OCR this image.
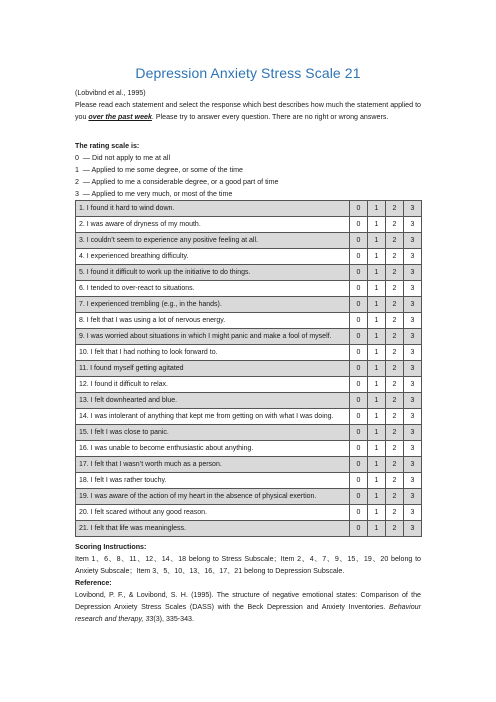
Depression Anxiety Stress Scale 21
(Lobvibnd et al., 1995)
Please read each statement and select the response which best describes how much the statement applied to you over the past week. Please try to answer every question. There are no right or wrong answers.
The rating scale is:
0  — Did not apply to me at all
1  — Applied to me some degree, or some of the time
2  — Applied to me a considerable degree, or a good part of time
3  — Applied to me very much, or most of the time
1. I found it hard to wind down.	0	1	2	3
2. I was aware of dryness of my mouth.	0	1	2	3
3. I couldn’t seem to experience any positive feeling at all.	0	1	2	3
4. I experienced breathing difficulty.	0	1	2	3
5. I found it difficult to work up the initiative to do things.	0	1	2	3
6. I tended to over-react to situations.	0	1	2	3
7. I experienced trembling (e.g., in the hands).	0	1	2	3
8. I felt that I was using a lot of nervous energy.	0	1	2	3
9. I was worried about situations in which I might panic and make a fool of myself.	0	1	2	3
10. I felt that I had nothing to look forward to.	0	1	2	3
11. I found myself getting agitated	0	1	2	3
12. I found it difficult to relax.	0	1	2	3
13. I felt downhearted and blue.	0	1	2	3
14. I was intolerant of anything that kept me from getting on with what I was doing.	0	1	2	3
15. I felt I was close to panic.	0	1	2	3
16. I was unable to become enthusiastic about anything.	0	1	2	3
17. I felt that I wasn’t worth much as a person.	0	1	2	3
18. I felt I was rather touchy.	0	1	2	3
19. I was aware of the action of my heart in the absence of physical exertion.	0	1	2	3
20. I felt scared without any good reason.	0	1	2	3
21. I felt that life was meaningless.	0	1	2	3
Scoring Instructions:
Item 1、6、8、11、12、14、18 belong to Stress Subscale；Item 2、4、7、9、15、19、20 belong to Anxiety Subscale；Item 3、5、10、13、16、17、21 belong to Depression Subscale.
Reference:
Lovibond, P. F., & Lovibond, S. H. (1995). The structure of negative emotional states: Comparison of the Depression Anxiety Stress Scales (DASS) with the Beck Depression and Anxiety Inventories. Behaviour research and therapy, 33(3), 335-343.
